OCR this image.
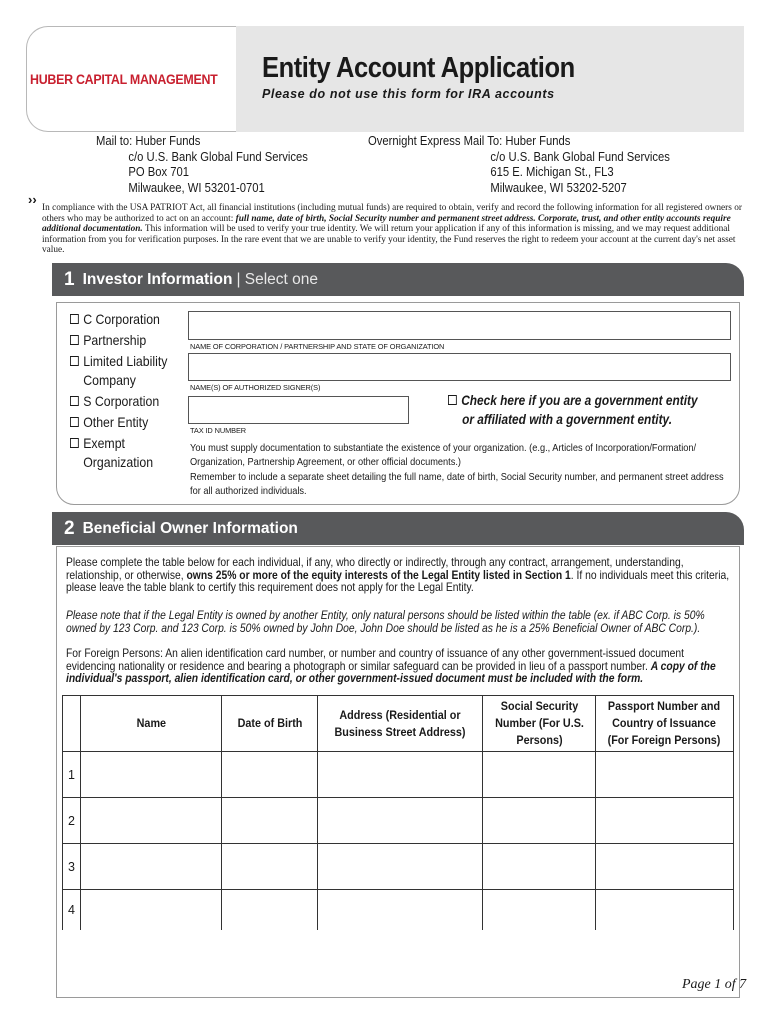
HUBER CAPITAL MANAGEMENT Entity Account Application
Please do not use this form for IRA accounts
Mail to: Huber Funds
c/o U.S. Bank Global Fund Services
PO Box 701
Milwaukee, WI 53201-0701
Overnight Express Mail To: Huber Funds
c/o U.S. Bank Global Fund Services
615 E. Michigan St., FL3
Milwaukee, WI 53202-5207
››
In compliance with the USA PATRIOT Act, all financial institutions (including mutual funds) are required to obtain, verify and record the following information for all registered owners or others who may be authorized to act on an account: full name, date of birth, Social Security number and permanent street address. Corporate, trust, and other entity accounts require additional documentation. This information will be used to verify your true identity. We will return your application if any of this information is missing, and we may request additional information from you for verification purposes. In the rare event that we are unable to verify your identity, the Fund reserves the right to redeem your account at the current day's net asset value.
1 Investor Information | Select one
C Corporation
Partnership
Limited Liability
Company
S Corporation
Other Entity
Exempt
Organization
NAME OF CORPORATION / PARTNERSHIP AND STATE OF ORGANIZATION
NAME(S) OF AUTHORIZED SIGNER(S)
TAX ID NUMBER
Check here if you are a government entity
or affiliated with a government entity.
You must supply documentation to substantiate the existence of your organization. (e.g., Articles of Incorporation/Formation/
Organization, Partnership Agreement, or other official documents.)
Remember to include a separate sheet detailing the full name, date of birth, Social Security number, and permanent street address
for all authorized individuals.
2 Beneficial Owner Information
Please complete the table below for each individual, if any, who directly or indirectly, through any contract, arrangement, understanding, relationship, or otherwise, owns 25% or more of the equity interests of the Legal Entity listed in Section 1. If no individuals meet this criteria, please leave the table blank to certify this requirement does not apply for the Legal Entity.
Please note that if the Legal Entity is owned by another Entity, only natural persons should be listed within the table (ex. if ABC Corp. is 50% owned by 123 Corp. and 123 Corp. is 50% owned by John Doe, John Doe should be listed as he is a 25% Beneficial Owner of ABC Corp.).
For Foreign Persons: An alien identification card number, or number and country of issuance of any other government-issued document evidencing nationality or residence and bearing a photograph or similar safeguard can be provided in lieu of a passport number. A copy of the individual's passport, alien identification card, or other government-issued document must be included with the form.
	Name	Date of Birth	Address (Residential or Business Street Address)	Social Security Number (For U.S. Persons)	Passport Number and Country of Issuance (For Foreign Persons)
1					
2					
3					
4					
Page 1 of 7
